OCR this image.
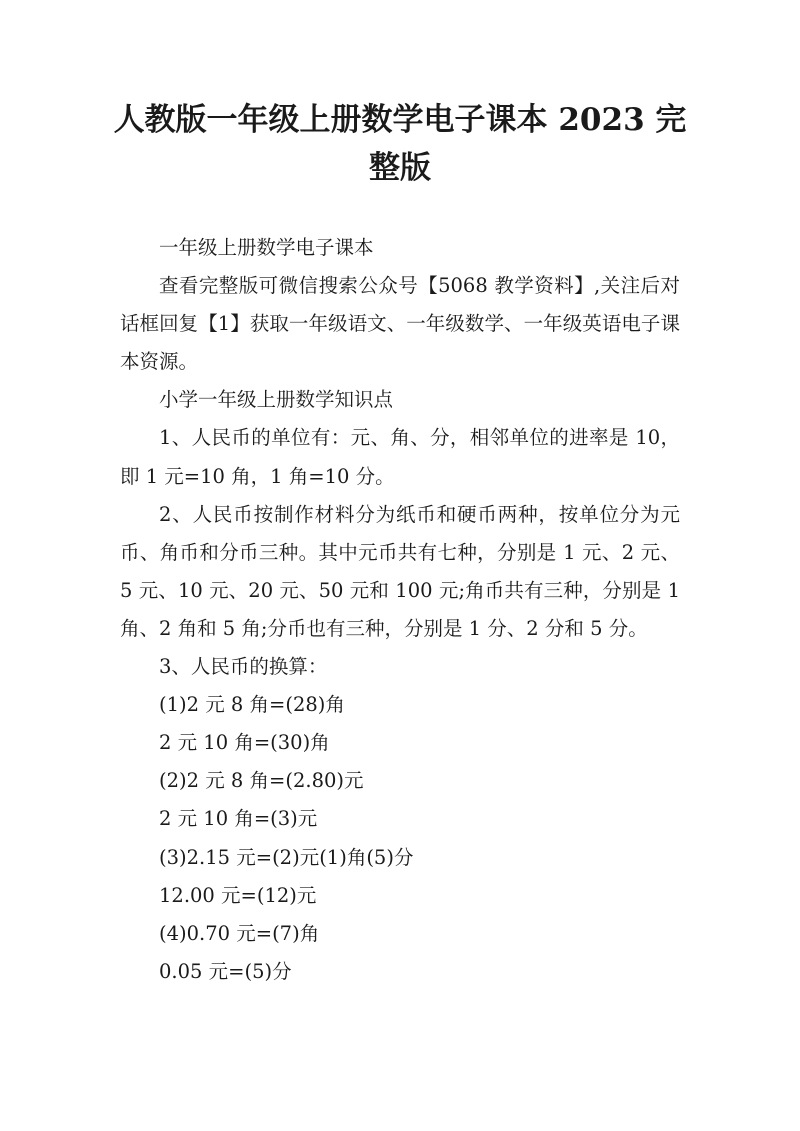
人教版一年级上册数学电子课本 2023 完整版

一年级上册数学电子课本

查看完整版可微信搜索公众号【5068 教学资料】,关注后对话框回复【1】获取一年级语文、一年级数学、一年级英语电子课本资源。

小学一年级上册数学知识点

1、人民币的单位有：元、角、分，相邻单位的进率是 10，即 1 元=10 角，1 角=10 分。

2、人民币按制作材料分为纸币和硬币两种，按单位分为元币、角币和分币三种。其中元币共有七种，分别是 1 元、2 元、5 元、10 元、20 元、50 元和 100 元;角币共有三种，分别是 1 角、2 角和 5 角;分币也有三种，分别是 1 分、2 分和 5 分。

3、人民币的换算：

(1)2 元 8 角=(28)角

2 元 10 角=(30)角

(2)2 元 8 角=(2.80)元

2 元 10 角=(3)元

(3)2.15 元=(2)元(1)角(5)分

12.00 元=(12)元

(4)0.70 元=(7)角

0.05 元=(5)分
